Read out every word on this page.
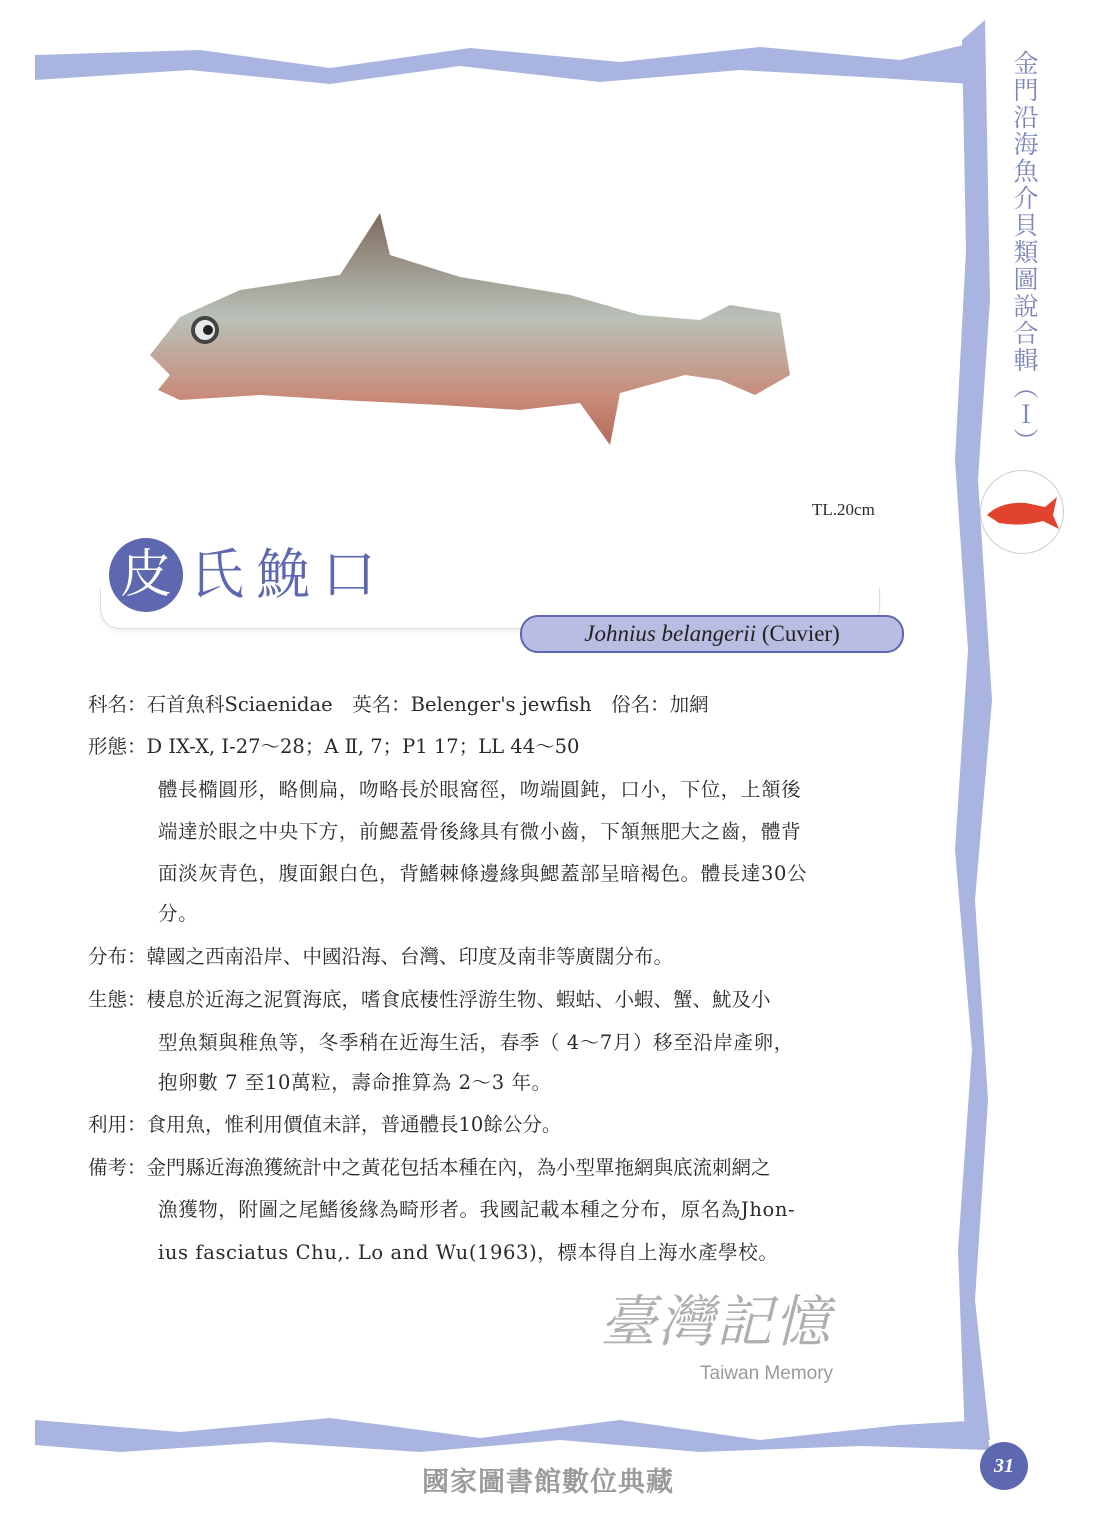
金
門
沿
海
魚
介
貝
類
圖
說
合
輯
︵
Ｉ
︶
TL.20cm
皮 氏鮸口
Johnius belangerii (Cuvier)
科名：石首魚科Sciaenidae　英名：Belenger's jewfish　俗名：加網
形態：D IX-X, I-27～28；A Ⅱ, 7；P1 17；LL 44～50
體長橢圓形，略側扁，吻略長於眼窩徑，吻端圓鈍，口小，下位，上頷後
端達於眼之中央下方，前鰓蓋骨後緣具有微小齒，下頷無肥大之齒，體背
面淡灰青色，腹面銀白色，背鰭棘條邊緣與鰓蓋部呈暗褐色。體長達30公
分。
分布：韓國之西南沿岸、中國沿海、台灣、印度及南非等廣闊分布。
生態：棲息於近海之泥質海底，嗜食底棲性浮游生物、蝦蛄、小蝦、蟹、魷及小
型魚類與稚魚等，冬季稍在近海生活，春季（ 4～7月）移至沿岸產卵，
抱卵數 7 至10萬粒，壽命推算為 2～3 年。
利用：食用魚，惟利用價值未詳，普通體長10餘公分。
備考：金門縣近海漁獲統計中之黃花包括本種在內，為小型單拖網與底流刺網之
漁獲物，附圖之尾鰭後緣為畸形者。我國記載本種之分布，原名為Jhon-
ius fasciatus Chu,. Lo and Wu(1963)，標本得自上海水產學校。
臺灣記憶
Taiwan Memory
國家圖書館數位典藏
31
